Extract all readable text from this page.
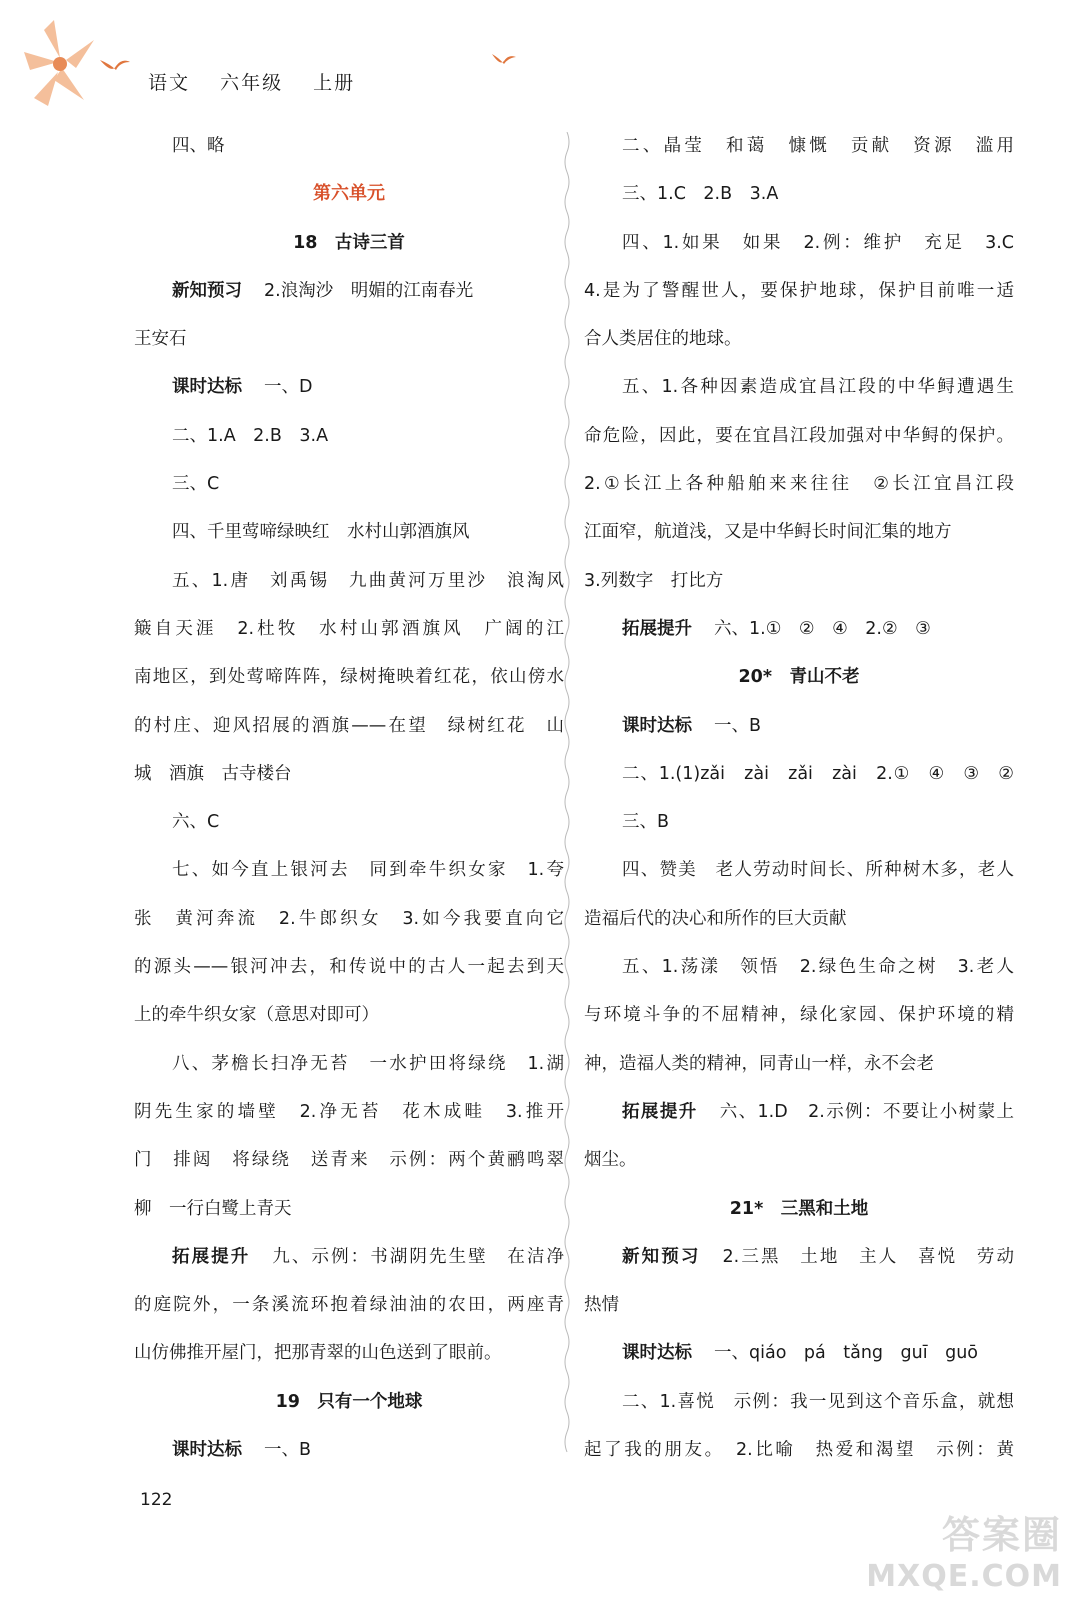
语文 六年级 上册
四、略
第六单元
18　古诗三首
新知预习 2.浪淘沙　明媚的江南春光
王安石
课时达标 一、D
二、1.A　2.B　3.A
三、C
四、千里莺啼绿映红　水村山郭酒旗风
五、1.唐　刘禹锡　九曲黄河万里沙　浪淘风
簸自天涯　2.杜牧　水村山郭酒旗风　广阔的江
南地区，到处莺啼阵阵，绿树掩映着红花，依山傍水
的村庄、迎风招展的酒旗——在望　绿树红花　山
城　酒旗　古寺楼台
六、C
七、如今直上银河去　同到牵牛织女家　1.夸
张　黄河奔流　2.牛郎织女　3.如今我要直向它
的源头——银河冲去，和传说中的古人一起去到天
上的牵牛织女家（意思对即可）
八、茅檐长扫净无苔　一水护田将绿绕　1.湖
阴先生家的墙壁　2.净无苔　花木成畦　3.推开
门　排闼　将绿绕　送青来　示例：两个黄鹂鸣翠
柳　一行白鹭上青天
拓展提升 九、示例：书湖阴先生壁　在洁净
的庭院外，一条溪流环抱着绿油油的农田，两座青
山仿佛推开屋门，把那青翠的山色送到了眼前。
19　只有一个地球
课时达标 一、B
二、晶莹　和蔼　慷慨　贡献　资源　滥用
三、1.C　2.B　3.A
四、1.如果　如果　2.例：维护　充足　3.C
4.是为了警醒世人，要保护地球，保护目前唯一适
合人类居住的地球。
五、1.各种因素造成宜昌江段的中华鲟遭遇生
命危险，因此，要在宜昌江段加强对中华鲟的保护。
2.①长江上各种船舶来来往往　②长江宜昌江段
江面窄，航道浅，又是中华鲟长时间汇集的地方
3.列数字　打比方
拓展提升 六、1.①　②　④　2.②　③
20*　青山不老
课时达标 一、B
二、1.(1)zǎi　zài　zǎi　zài　2.①　④　③　②
三、B
四、赞美　老人劳动时间长、所种树木多，老人
造福后代的决心和所作的巨大贡献
五、1.荡漾　领悟　2.绿色生命之树　3.老人
与环境斗争的不屈精神，绿化家园、保护环境的精
神，造福人类的精神，同青山一样，永不会老
拓展提升 六、1.D　2.示例：不要让小树蒙上
烟尘。
21*　三黑和土地
新知预习 2.三黑　土地　主人　喜悦　劳动
热情
课时达标 一、qiáo　pá　tǎng　guī　guō
二、1.喜悦　示例：我一见到这个音乐盒，就想
起了我的朋友。　2.比喻　热爱和渴望　示例：黄
122
答案圈
MXQE.COM
